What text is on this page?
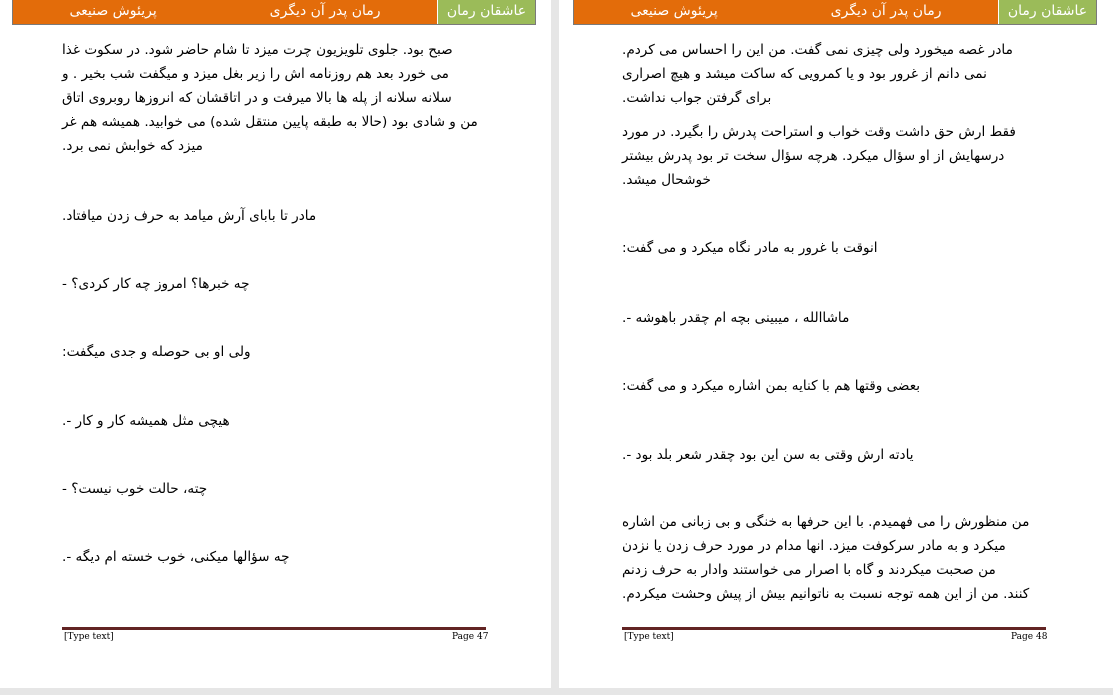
پریئوش صنیعی	رمان پدر آن دیگری	عاشقان رمان

صبح بود. جلوی تلویزیون چرت میزد تا شام حاضر شود. در سکوت غذا
می خورد بعد هم روزنامه اش را زیر بغل میزد و میگفت شب بخیر . و
سلانه سلانه از پله ها بالا میرفت و در اتاقشان که انروزها روبروی اتاق
من و شادی بود (حالا به طبقه پایین منتقل شده) می خوابید. همیشه هم غر
میزد که خوابش نمی برد.

مادر تا بابای آرش میامد به حرف زدن میافتاد.

چه خبرها؟ امروز چه کار کردی؟ -

ولی او بی حوصله و جدی میگفت:

هیچی مثل همیشه کار و کار -.

چته، حالت خوب نیست؟ -

چه سؤالها میکنی، خوب خسته ام دیگه -.

[Type text]	Page 47
پریئوش صنیعی	رمان پدر آن دیگری	عاشقان رمان

مادر غصه میخورد ولی چیزی نمی گفت. من این را احساس می کردم.
نمی دانم از غرور بود و یا کمرویی که ساکت میشد و هیچ اصراری
برای گرفتن جواب نداشت.

فقط ارش حق داشت وقت خواب و استراحت پدرش را بگیرد. در مورد
درسهایش از او سؤال میکرد. هرچه سؤال سخت تر بود پدرش بیشتر
خوشحال میشد.

انوقت با غرور به مادر نگاه میکرد و می گفت:

ماشاالله ، میبینی بچه ام چقدر باهوشه -.

بعضی وقتها هم با کنایه بمن اشاره میکرد و می گفت:

یادته ارش وقتی به سن این بود چقدر شعر بلد بود -.

من منظورش را می فهمیدم. با این حرفها به خنگی و بی زبانی من اشاره
میکرد و به مادر سرکوفت میزد. انها مدام در مورد حرف زدن یا نزدن
من صحبت میکردند و گاه با اصرار می خواستند وادار به حرف زدنم
کنند. من از این همه توجه نسبت به ناتوانیم بیش از پیش وحشت میکردم.

[Type text]	Page 48
